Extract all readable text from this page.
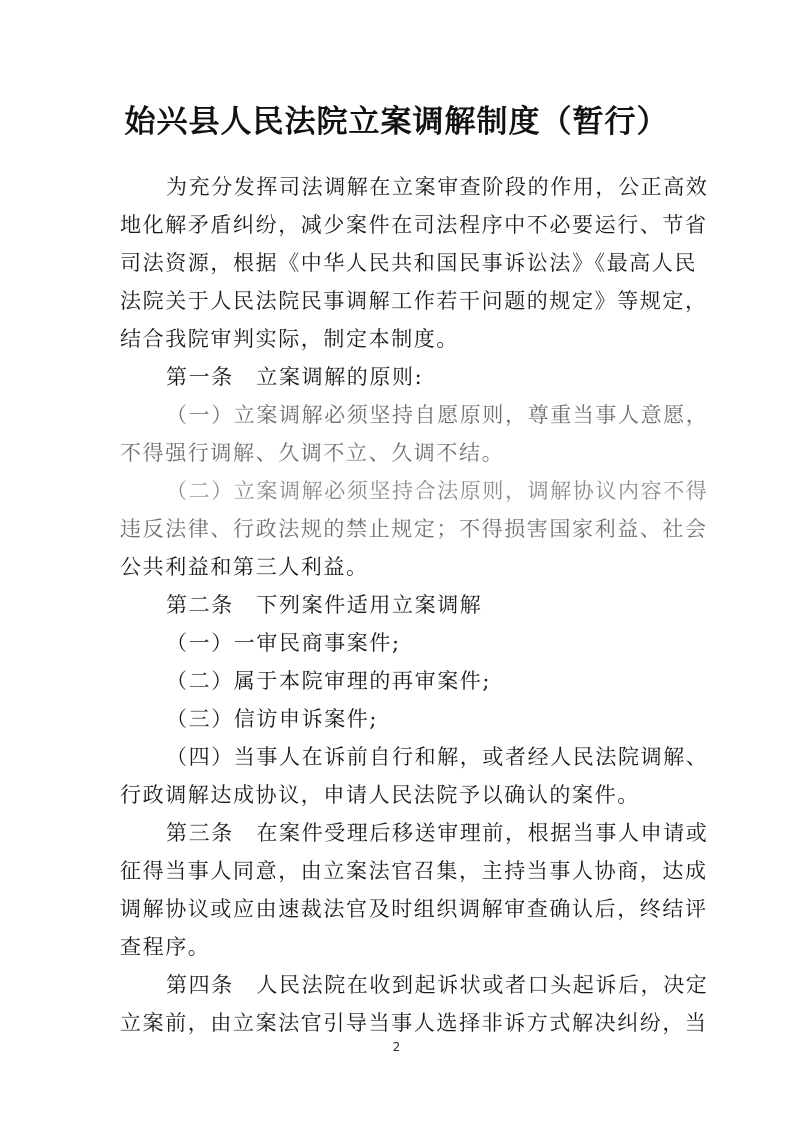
始兴县人民法院立案调解制度（暂行）

为充分发挥司法调解在立案审查阶段的作用，公正高效

地化解矛盾纠纷，减少案件在司法程序中不必要运行、节省

司法资源，根据《中华人民共和国民事诉讼法》《最高人民

法院关于人民法院民事调解工作若干问题的规定》等规定，

结合我院审判实际，制定本制度。

第一条　立案调解的原则:

（一）立案调解必须坚持自愿原则，尊重当事人意愿，

不得强行调解、久调不立、久调不结。

（二）立案调解必须坚持合法原则，调解协议内容不得

违反法律、行政法规的禁止规定；不得损害国家利益、社会

公共利益和第三人利益。

第二条　下列案件适用立案调解

（一）一审民商事案件;

（二）属于本院审理的再审案件;

（三）信访申诉案件;

（四）当事人在诉前自行和解，或者经人民法院调解、

行政调解达成协议，申请人民法院予以确认的案件。

第三条　在案件受理后移送审理前，根据当事人申请或

征得当事人同意，由立案法官召集，主持当事人协商，达成

调解协议或应由速裁法官及时组织调解审查确认后，终结评

查程序。

第四条　人民法院在收到起诉状或者口头起诉后，决定

立案前，由立案法官引导当事人选择非诉方式解决纠纷，当

2
